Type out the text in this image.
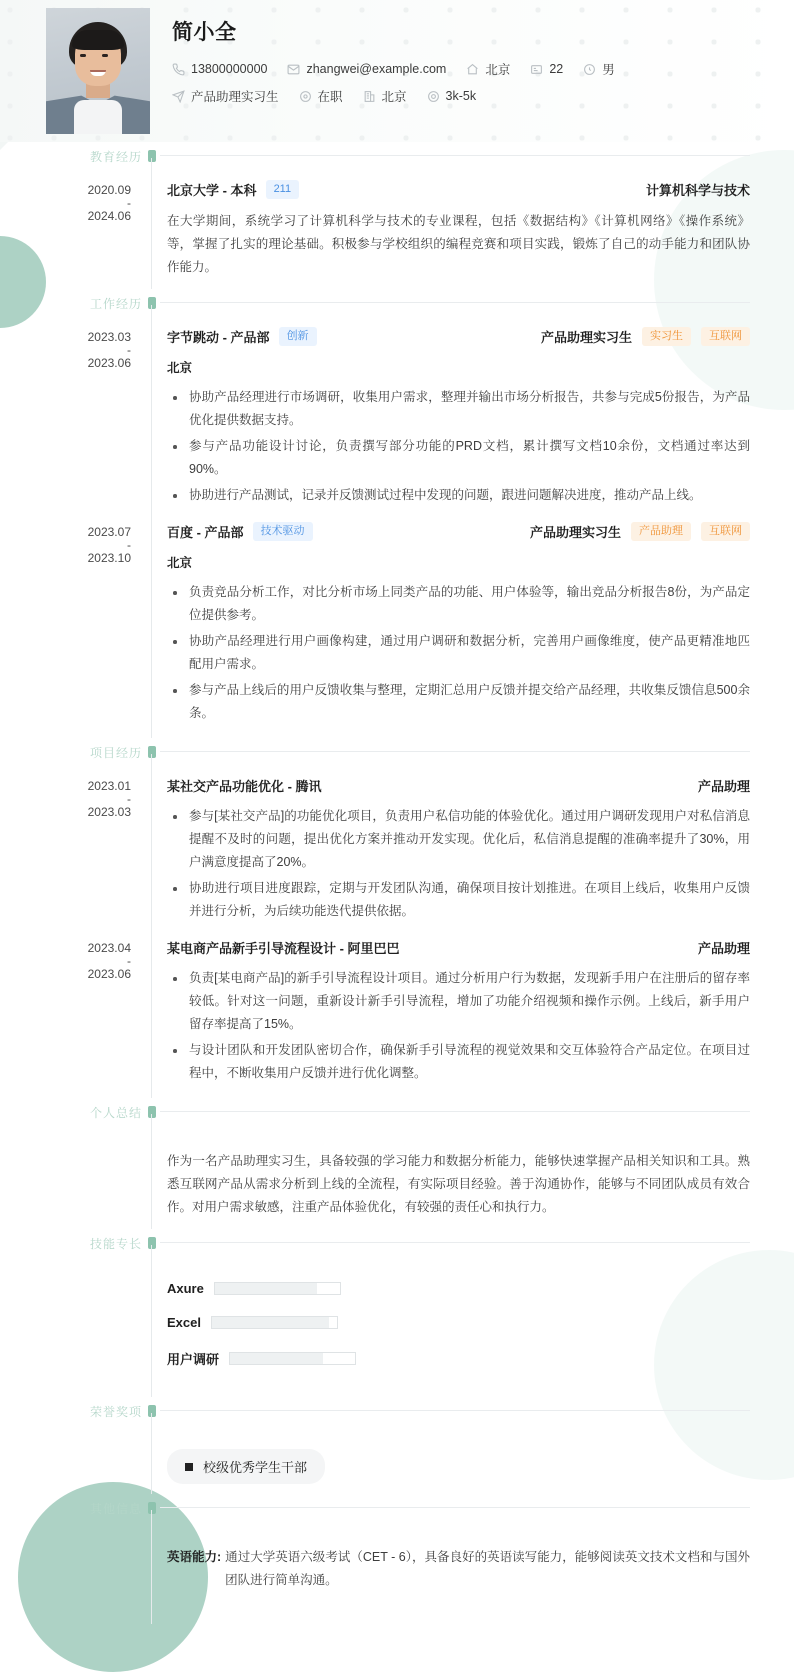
简小全
13800000000	zhangwei@example.com	北京	22	男
产品助理实习生	在职	北京	3k-5k
教育经历
2020.09
-
2024.06
北京大学 - 本科	211	计算机科学与技术
在大学期间，系统学习了计算机科学与技术的专业课程，包括《数据结构》《计算机网络》《操作系统》等，掌握了扎实的理论基础。积极参与学校组织的编程竞赛和项目实践，锻炼了自己的动手能力和团队协作能力。
工作经历
2023.03
-
2023.06
字节跳动 - 产品部	创新	产品助理实习生	实习生	互联网
北京
协助产品经理进行市场调研，收集用户需求，整理并输出市场分析报告，共参与完成5份报告，为产品优化提供数据支持。
参与产品功能设计讨论，负责撰写部分功能的PRD文档，累计撰写文档10余份，文档通过率达到90%。
协助进行产品测试，记录并反馈测试过程中发现的问题，跟进问题解决进度，推动产品上线。
2023.07
-
2023.10
百度 - 产品部	技术驱动	产品助理实习生	产品助理	互联网
北京
负责竞品分析工作，对比分析市场上同类产品的功能、用户体验等，输出竞品分析报告8份，为产品定位提供参考。
协助产品经理进行用户画像构建，通过用户调研和数据分析，完善用户画像维度，使产品更精准地匹配用户需求。
参与产品上线后的用户反馈收集与整理，定期汇总用户反馈并提交给产品经理，共收集反馈信息500余条。
项目经历
2023.01
-
2023.03
某社交产品功能优化 - 腾讯	产品助理
参与[某社交产品]的功能优化项目，负责用户私信功能的体验优化。通过用户调研发现用户对私信消息提醒不及时的问题，提出优化方案并推动开发实现。优化后，私信消息提醒的准确率提升了30%，用户满意度提高了20%。
协助进行项目进度跟踪，定期与开发团队沟通，确保项目按计划推进。在项目上线后，收集用户反馈并进行分析，为后续功能迭代提供依据。
2023.04
-
2023.06
某电商产品新手引导流程设计 - 阿里巴巴	产品助理
负责[某电商产品]的新手引导流程设计项目。通过分析用户行为数据，发现新手用户在注册后的留存率较低。针对这一问题，重新设计新手引导流程，增加了功能介绍视频和操作示例。上线后，新手用户留存率提高了15%。
与设计团队和开发团队密切合作，确保新手引导流程的视觉效果和交互体验符合产品定位。在项目过程中，不断收集用户反馈并进行优化调整。
个人总结
作为一名产品助理实习生，具备较强的学习能力和数据分析能力，能够快速掌握产品相关知识和工具。熟悉互联网产品从需求分析到上线的全流程，有实际项目经验。善于沟通协作，能够与不同团队成员有效合作。对用户需求敏感，注重产品体验优化，有较强的责任心和执行力。
技能专长
Axure
Excel
用户调研
荣誉奖项
校级优秀学生干部
其他信息
英语能力: 通过大学英语六级考试（CET - 6），具备良好的英语读写能力，能够阅读英文技术文档和与国外团队进行简单沟通。
